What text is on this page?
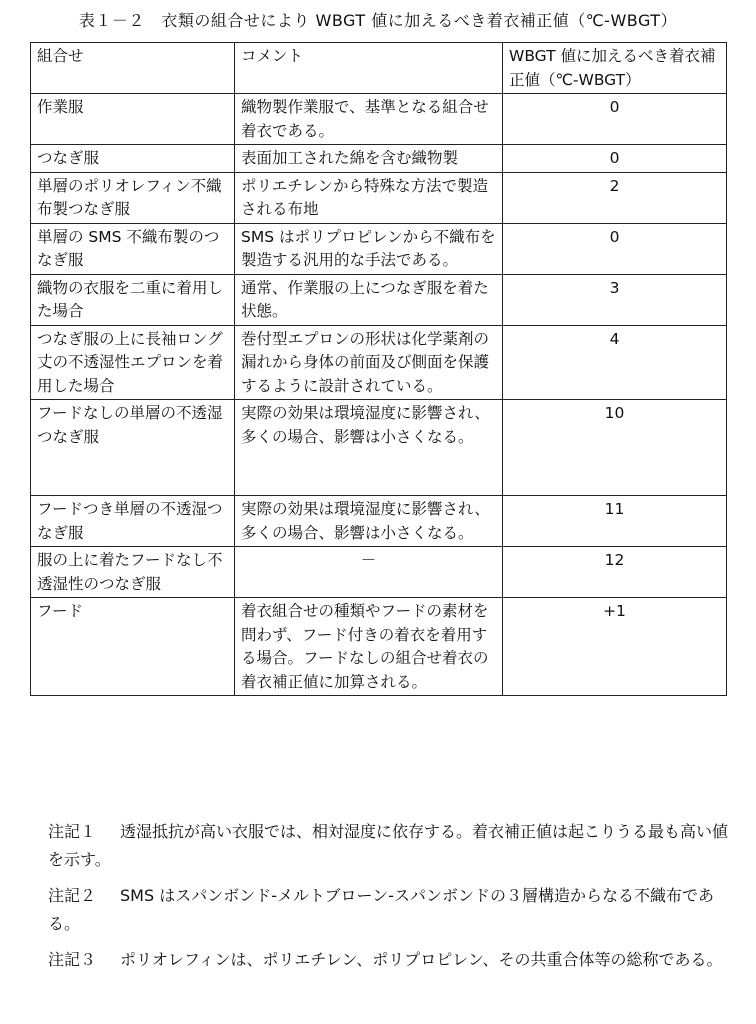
表１－２　衣類の組合せにより WBGT 値に加えるべき着衣補正値（℃-WBGT）
組合せ	コメント	WBGT 値に加えるべき着衣補正値（℃-WBGT）
作業服	織物製作業服で、基準となる組合せ着衣である。	0
つなぎ服	表面加工された綿を含む織物製	0
単層のポリオレフィン不織布製つなぎ服	ポリエチレンから特殊な方法で製造される布地	2
単層の SMS 不織布製のつなぎ服	SMS はポリプロピレンから不織布を製造する汎用的な手法である。	0
織物の衣服を二重に着用した場合	通常、作業服の上につなぎ服を着た状態。	3
つなぎ服の上に長袖ロング丈の不透湿性エプロンを着用した場合	巻付型エプロンの形状は化学薬剤の漏れから身体の前面及び側面を保護するように設計されている。	4
フードなしの単層の不透湿つなぎ服	実際の効果は環境湿度に影響され、多くの場合、影響は小さくなる。	10
フードつき単層の不透湿つなぎ服	実際の効果は環境湿度に影響され、多くの場合、影響は小さくなる。	11
服の上に着たフードなし不透湿性のつなぎ服	－	12
フード	着衣組合せの種類やフードの素材を問わず、フード付きの着衣を着用する場合。フードなしの組合せ着衣の着衣補正値に加算される。	+1
注記１ 透湿抵抗が高い衣服では、相対湿度に依存する。着衣補正値は起こりうる最も高い値を示す。
注記２ SMS はスパンボンド-メルトブローン-スパンボンドの３層構造からなる不織布である。
注記３ ポリオレフィンは、ポリエチレン、ポリプロピレン、その共重合体等の総称である。
